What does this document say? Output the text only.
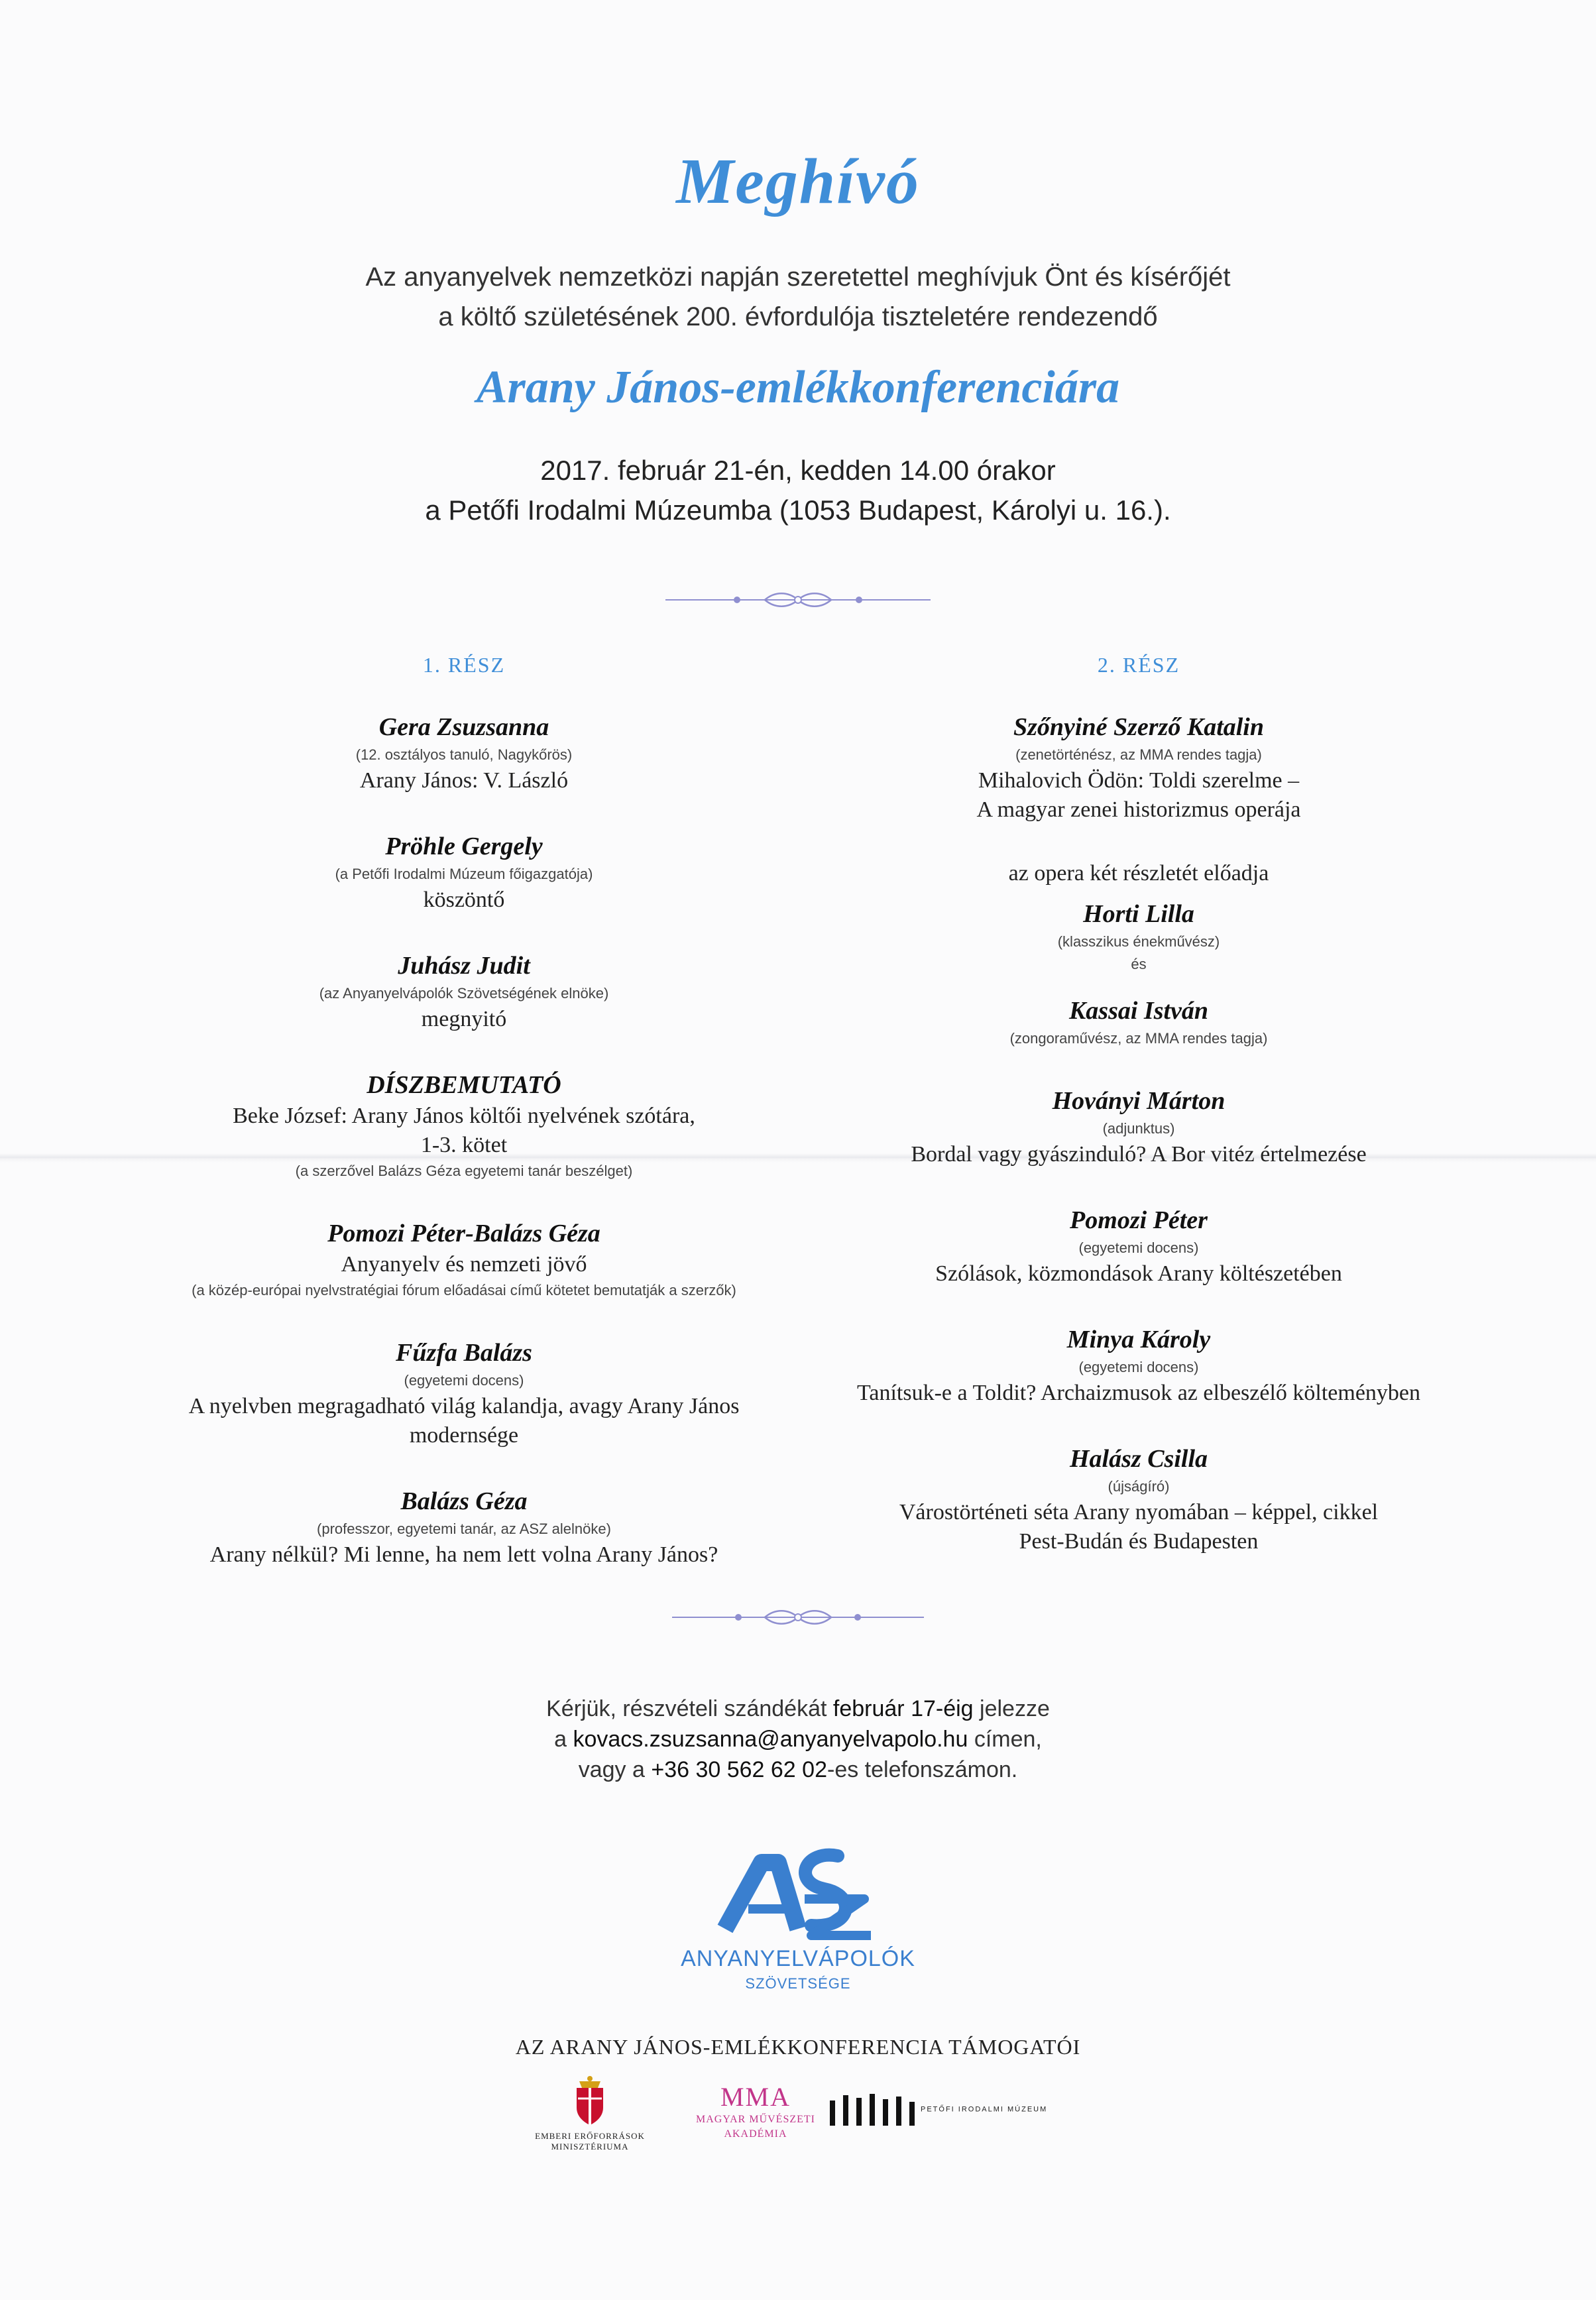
Meghívó
Az anyanyelvek nemzetközi napján szeretettel meghívjuk Önt és kísérőjét
a költő születésének 200. évfordulója tiszteletére rendezendő
Arany János-emlékkonferenciára
2017. február 21-én, kedden 14.00 órakor
a Petőfi Irodalmi Múzeumba (1053 Budapest, Károlyi u. 16.).
1. RÉSZ
Gera Zsuzsanna
(12. osztályos tanuló, Nagykőrös)
Arany János: V. László
Pröhle Gergely
(a Petőfi Irodalmi Múzeum főigazgatója)
köszöntő
Juhász Judit
(az Anyanyelvápolók Szövetségének elnöke)
megnyitó
DÍSZBEMUTATÓ
Beke József: Arany János költői nyelvének szótára,
1-3. kötet
(a szerzővel Balázs Géza egyetemi tanár beszélget)
Pomozi Péter-Balázs Géza
Anyanyelv és nemzeti jövő
(a közép-európai nyelvstratégiai fórum előadásai című kötetet bemutatják a szerzők)
Fűzfa Balázs
(egyetemi docens)
A nyelvben megragadható világ kalandja, avagy Arany János
modernsége
Balázs Géza
(professzor, egyetemi tanár, az ASZ alelnöke)
Arany nélkül? Mi lenne, ha nem lett volna Arany János?
2. RÉSZ
Szőnyiné Szerző Katalin
(zenetörténész, az MMA rendes tagja)
Mihalovich Ödön: Toldi szerelme –
A magyar zenei historizmus operája
az opera két részletét előadja
Horti Lilla
(klasszikus énekművész)
és
Kassai István
(zongoraművész, az MMA rendes tagja)
Hoványi Márton
(adjunktus)
Bordal vagy gyászinduló? A Bor vitéz értelmezése
Pomozi Péter
(egyetemi docens)
Szólások, közmondások Arany költészetében
Minya Károly
(egyetemi docens)
Tanítsuk-e a Toldit? Archaizmusok az elbeszélő költeményben
Halász Csilla
(újságíró)
Várostörténeti séta Arany nyomában – képpel, cikkel
Pest-Budán és Budapesten
Kérjük, részvételi szándékát február 17-éig jelezze
a kovacs.zsuzsanna@anyanyelvapolo.hu címen,
vagy a +36 30 562 62 02-es telefonszámon.
ANYANYELVÁPOLÓK
SZÖVETSÉGE
AZ ARANY JÁNOS-EMLÉKKONFERENCIA TÁMOGATÓI
EMBERI ERŐFORRÁSOK
MINISZTÉRIUMA
MMA
MAGYAR MŰVÉSZETI
AKADÉMIA
PETŐFI IRODALMI MÚZEUM
